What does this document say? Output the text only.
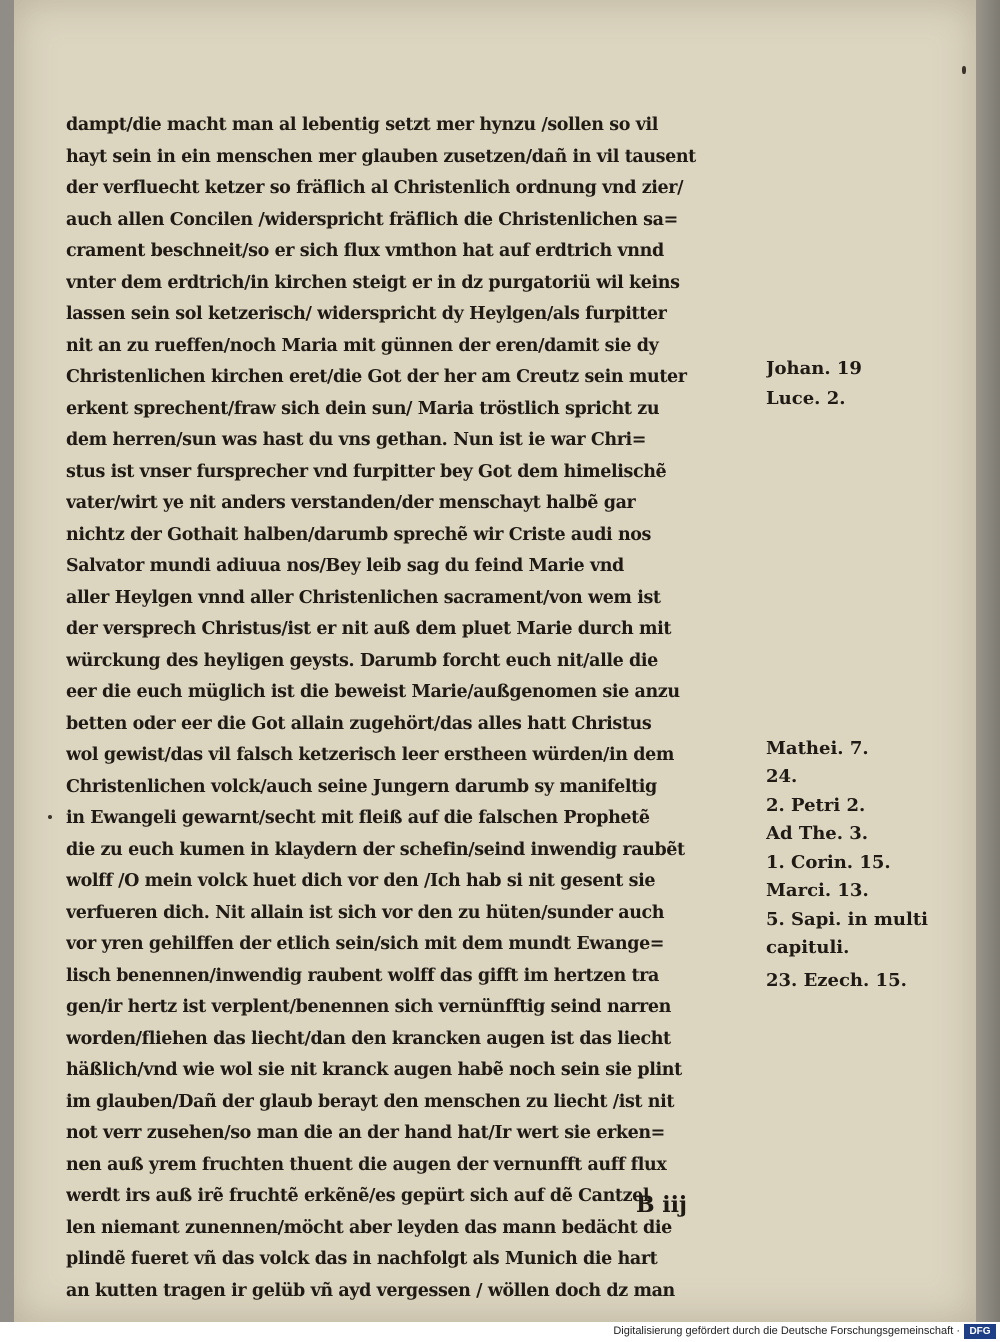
dampt/die macht man al lebentig setzt mer hynzu /sollen so vil
hayt sein in ein menschen mer glauben zusetzen/dañ in vil tausent
der verfluecht ketzer so fräflich al Christenlich ordnung vnd zier/
auch allen Concilen /widerspricht fräflich die Christenlichen sa=
crament beschneit/so er sich flux vmthon hat auf erdtrich vnnd
vnter dem erdtrich/in kirchen steigt er in dz purgatoriü wil keins
lassen sein sol ketzerisch/ widerspricht dy Heylgen/als furpitter
nit an zu rueffen/noch Maria mit günnen der eren/damit sie dy
Christenlichen kirchen eret/die Got der her am Creutz sein muter
erkent sprechent/fraw sich dein sun/ Maria tröstlich spricht zu
dem herren/sun was hast du vns gethan. Nun ist ie war Chri=
stus ist vnser fursprecher vnd furpitter bey Got dem himelischẽ
vater/wirt ye nit anders verstanden/der menschayt halbẽ gar
nichtz der Gothait halben/darumb sprechẽ wir Criste audi nos
Salvator mundi adiuua nos/Bey leib sag du feind Marie vnd
aller Heylgen vnnd aller Christenlichen sacrament/von wem ist
der versprech Christus/ist er nit auß dem pluet Marie durch mit
würckung des heyligen geysts. Darumb forcht euch nit/alle die
eer die euch müglich ist die beweist Marie/außgenomen sie anzu
betten oder eer die Got allain zugehört/das alles hatt Christus
wol gewist/das vil falsch ketzerisch leer erstheen würden/in dem
Christenlichen volck/auch seine Jungern darumb sy manifeltig
in Ewangeli gewarnt/secht mit fleiß auf die falschen Prophetẽ
die zu euch kumen in klaydern der schefin/seind inwendig raubẽt
wolff /O mein volck huet dich vor den /Ich hab si nit gesent sie
verfueren dich. Nit allain ist sich vor den zu hüten/sunder auch
vor yren gehilffen der etlich sein/sich mit dem mundt Ewange=
lisch benennen/inwendig raubent wolff das gifft im hertzen tra
gen/ir hertz ist verplent/benennen sich vernünfftig seind narren
worden/fliehen das liecht/dan den krancken augen ist das liecht
häßlich/vnd wie wol sie nit kranck augen habẽ noch sein sie plint
im glauben/Dañ der glaub berayt den menschen zu liecht /ist nit
not verr zusehen/so man die an der hand hat/Ir wert sie erken=
nen auß yrem fruchten thuent die augen der vernunfft auff flux
werdt irs auß irẽ fruchtẽ erkẽnẽ/es gepürt sich auf dẽ Cantzel
len niemant zunennen/möcht aber leyden das mann bedächt die
plindẽ fueret vñ das volck das in nachfolgt als Munich die hart
an kutten tragen ir gelüb vñ ayd vergessen / wöllen doch dz man
Johan. 19
Luce. 2.
Mathei. 7.
24.
2. Petri 2.
Ad The. 3.
1. Corin. 15.
Marci. 13.
5. Sapi. in multi
capituli.
23. Ezech. 15.
B iij
Digitalisierung gefördert durch die Deutsche Forschungsgemeinschaft · DFG
